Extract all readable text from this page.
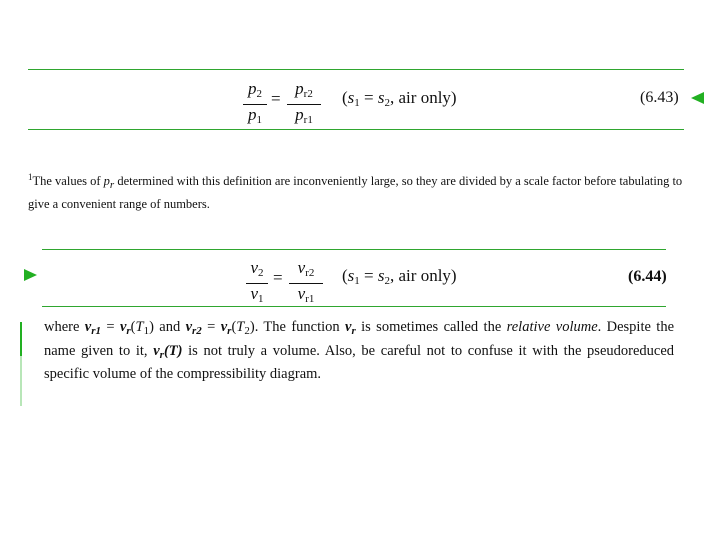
$p_2$
$p_1$
=
$p_{r2}$
$p_{r1}$
(s1 = s2, air only)	(6.43)
$^1$The values of pr determined with this definition are inconveniently large, so they are divided by a scale factor before tabulating to give a convenient range of numbers.
$v_2$
$v_1$
=
$v_{r2}$
$v_{r1}$
(s1 = s2, air only)	(6.44)
where $v_{r1} = v_r(T_1)$ and $v_{r2} = v_r(T_2)$. The function $v_r$ is sometimes called the relative volume. Despite the name given to it, $v_r(T)$ is not truly a volume. Also, be careful not to confuse it with the pseudoreduced specific volume of the compressibility diagram.
